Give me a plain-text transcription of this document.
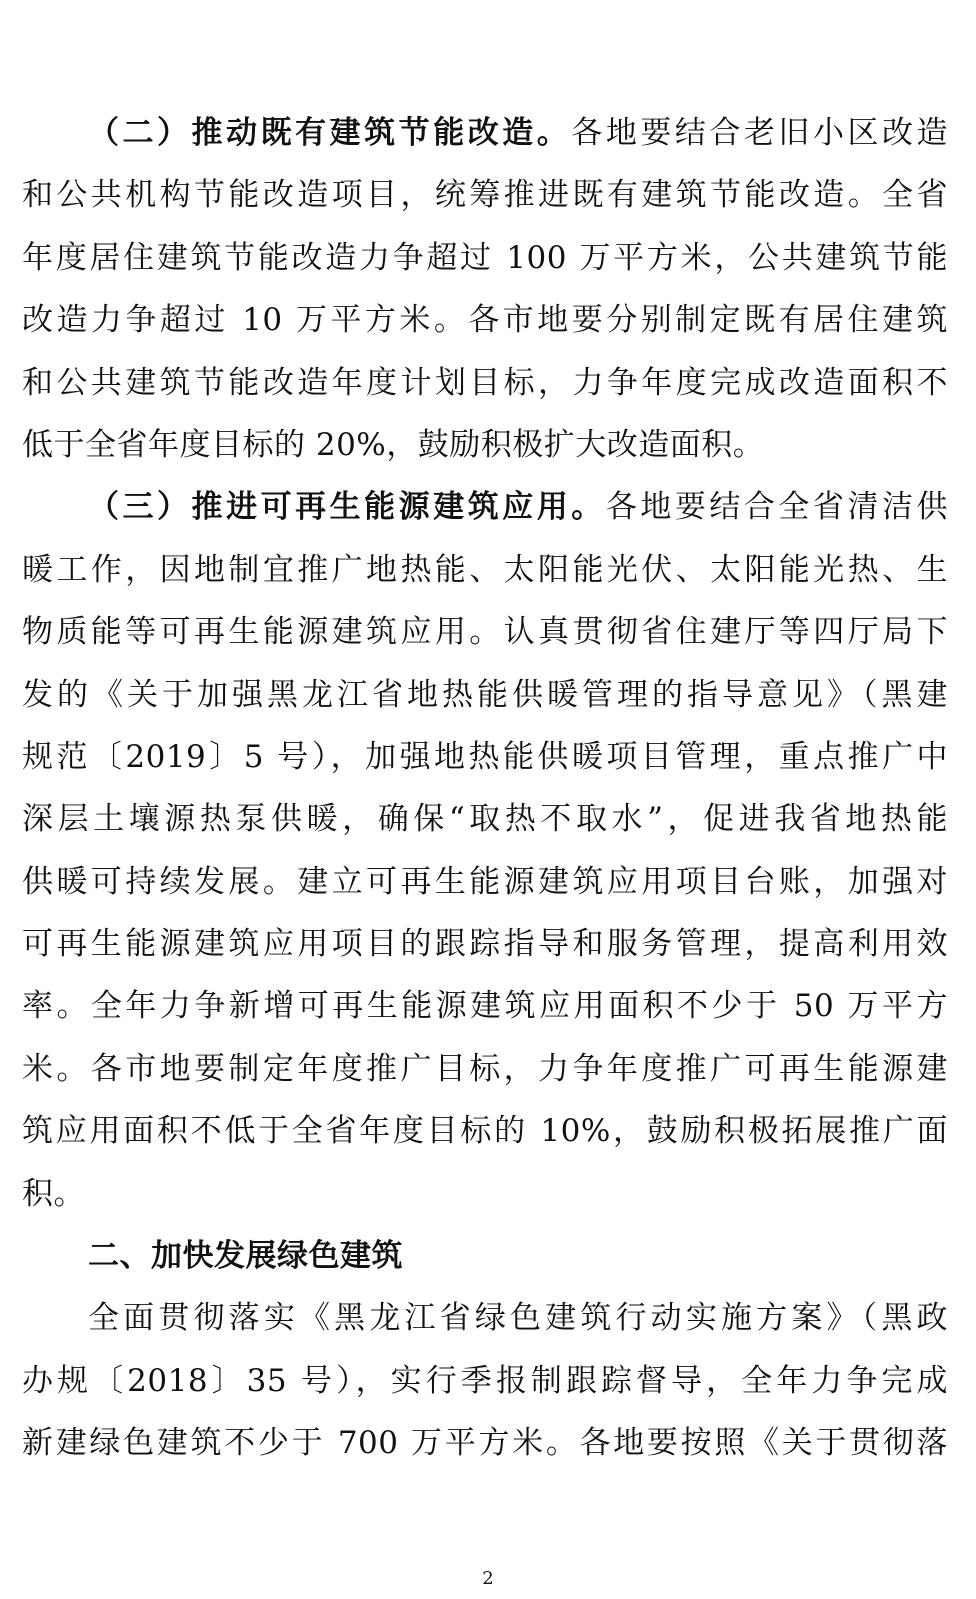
（二）推动既有建筑节能改造。各地要结合老旧小区改造
和公共机构节能改造项目，统筹推进既有建筑节能改造。全省
年度居住建筑节能改造力争超过 100 万平方米，公共建筑节能
改造力争超过 10 万平方米。各市地要分别制定既有居住建筑
和公共建筑节能改造年度计划目标，力争年度完成改造面积不
低于全省年度目标的 20%，鼓励积极扩大改造面积。
（三）推进可再生能源建筑应用。各地要结合全省清洁供
暖工作，因地制宜推广地热能、太阳能光伏、太阳能光热、生
物质能等可再生能源建筑应用。认真贯彻省住建厅等四厅局下
发的《关于加强黑龙江省地热能供暖管理的指导意见》（黑建
规范〔2019〕5 号），加强地热能供暖项目管理，重点推广中
深层土壤源热泵供暖，确保“取热不取水”，促进我省地热能
供暖可持续发展。建立可再生能源建筑应用项目台账，加强对
可再生能源建筑应用项目的跟踪指导和服务管理，提高利用效
率。全年力争新增可再生能源建筑应用面积不少于 50 万平方
米。各市地要制定年度推广目标，力争年度推广可再生能源建
筑应用面积不低于全省年度目标的 10%，鼓励积极拓展推广面
积。
二、加快发展绿色建筑
全面贯彻落实《黑龙江省绿色建筑行动实施方案》（黑政
办规〔2018〕35 号），实行季报制跟踪督导，全年力争完成
新建绿色建筑不少于 700 万平方米。各地要按照《关于贯彻落
2
